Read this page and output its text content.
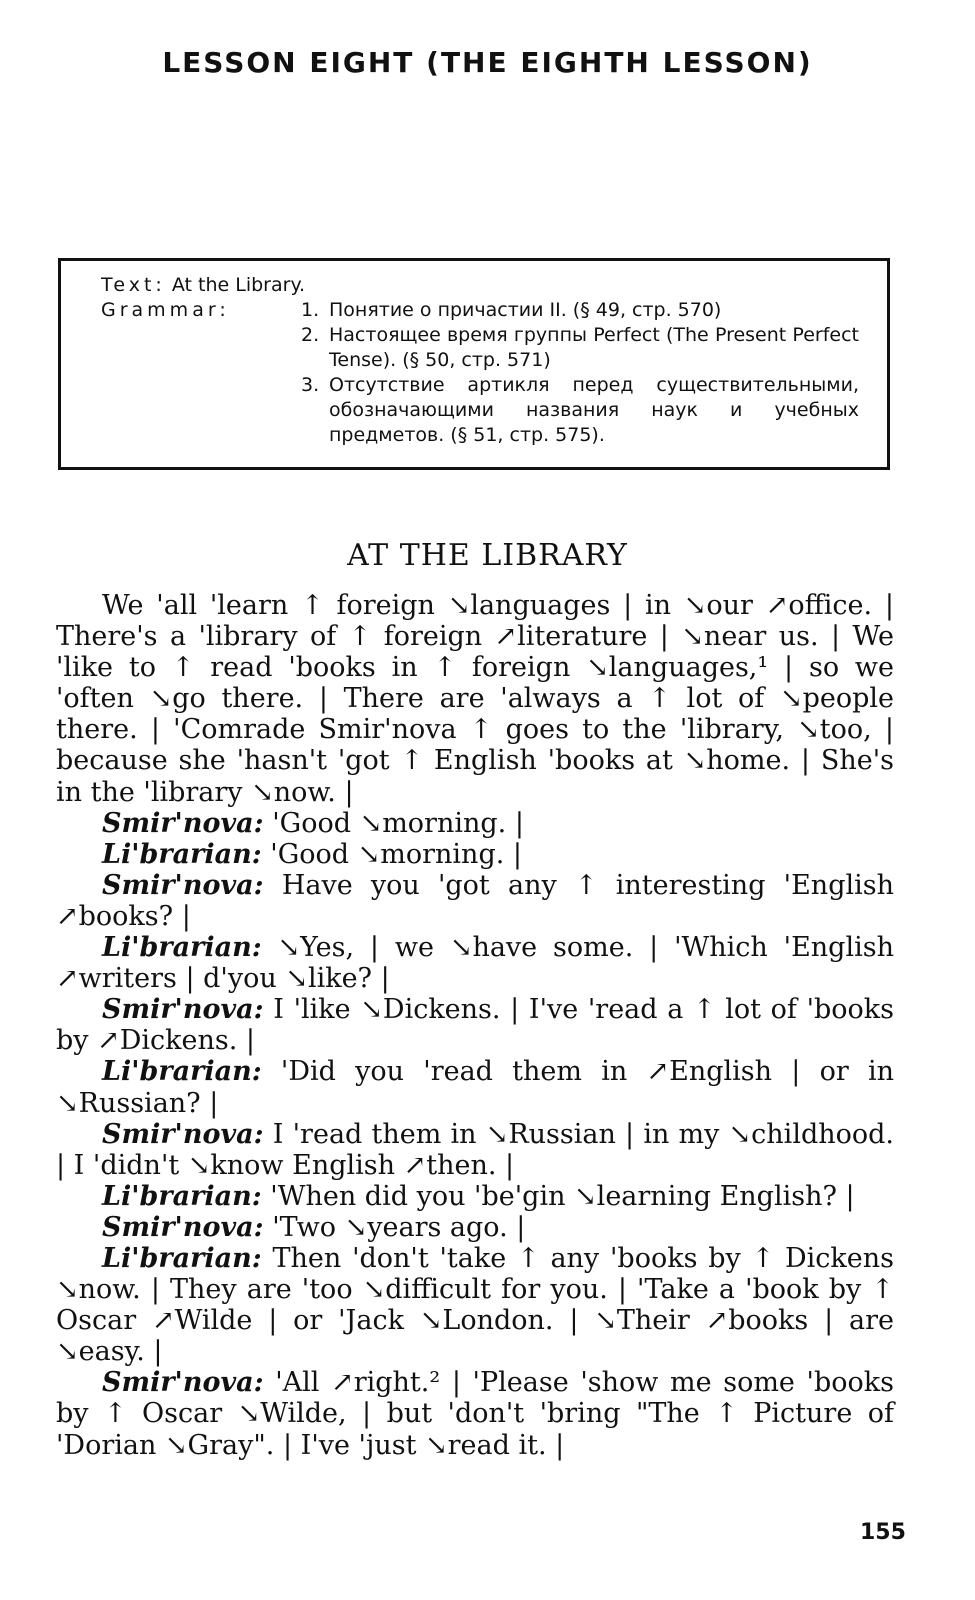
LESSON EIGHT (THE EIGHTH LESSON)
Text:
At the Library.
Grammar:	1. Понятие о причастии II. (§ 49, стр. 570)
2. Настоящее время группы Perfect (The Present Perfect Tense). (§ 50, стр. 571)
3. Отсутствие артикля перед существительными, обозначающими названия наук и учебных предметов. (§ 51, стр. 575).
AT THE LIBRARY

We 'all 'learn ↑ foreign ↘languages | in ↘our ↗office. | There's a 'library of ↑ foreign ↗literature | ↘near us. | We 'like to ↑ read 'books in ↑ foreign ↘languages,¹ | so we 'often ↘go there. | There are 'always a ↑ lot of ↘people there. | 'Comrade Smir'nova ↑ goes to the 'library, ↘too, | because she 'hasn't 'got ↑ English 'books at ↘home. | She's in the 'library ↘now. |

Smir'nova: 'Good ↘morning. |

Li'brarian: 'Good ↘morning. |

Smir'nova: Have you 'got any ↑ interesting 'English ↗books? |

Li'brarian: ↘Yes, | we ↘have some. | 'Which 'English ↗writers | d'you ↘like? |

Smir'nova: I 'like ↘Dickens. | I've 'read a ↑ lot of 'books by ↗Dickens. |

Li'brarian: 'Did you 'read them in ↗English | or in ↘Russian? |

Smir'nova: I 'read them in ↘Russian | in my ↘childhood. | I 'didn't ↘know English ↗then. |

Li'brarian: 'When did you 'be'gin ↘learning English? |

Smir'nova: 'Two ↘years ago. |

Li'brarian: Then 'don't 'take ↑ any 'books by ↑ Dickens ↘now. | They are 'too ↘difficult for you. | 'Take a 'book by ↑ Oscar ↗Wilde | or 'Jack ↘London. | ↘Their ↗books | are ↘easy. |

Smir'nova: 'All ↗right.² | 'Please 'show me some 'books by ↑ Oscar ↘Wilde, | but 'don't 'bring "The ↑ Picture of 'Dorian ↘Gray". | I've 'just ↘read it. |

155
